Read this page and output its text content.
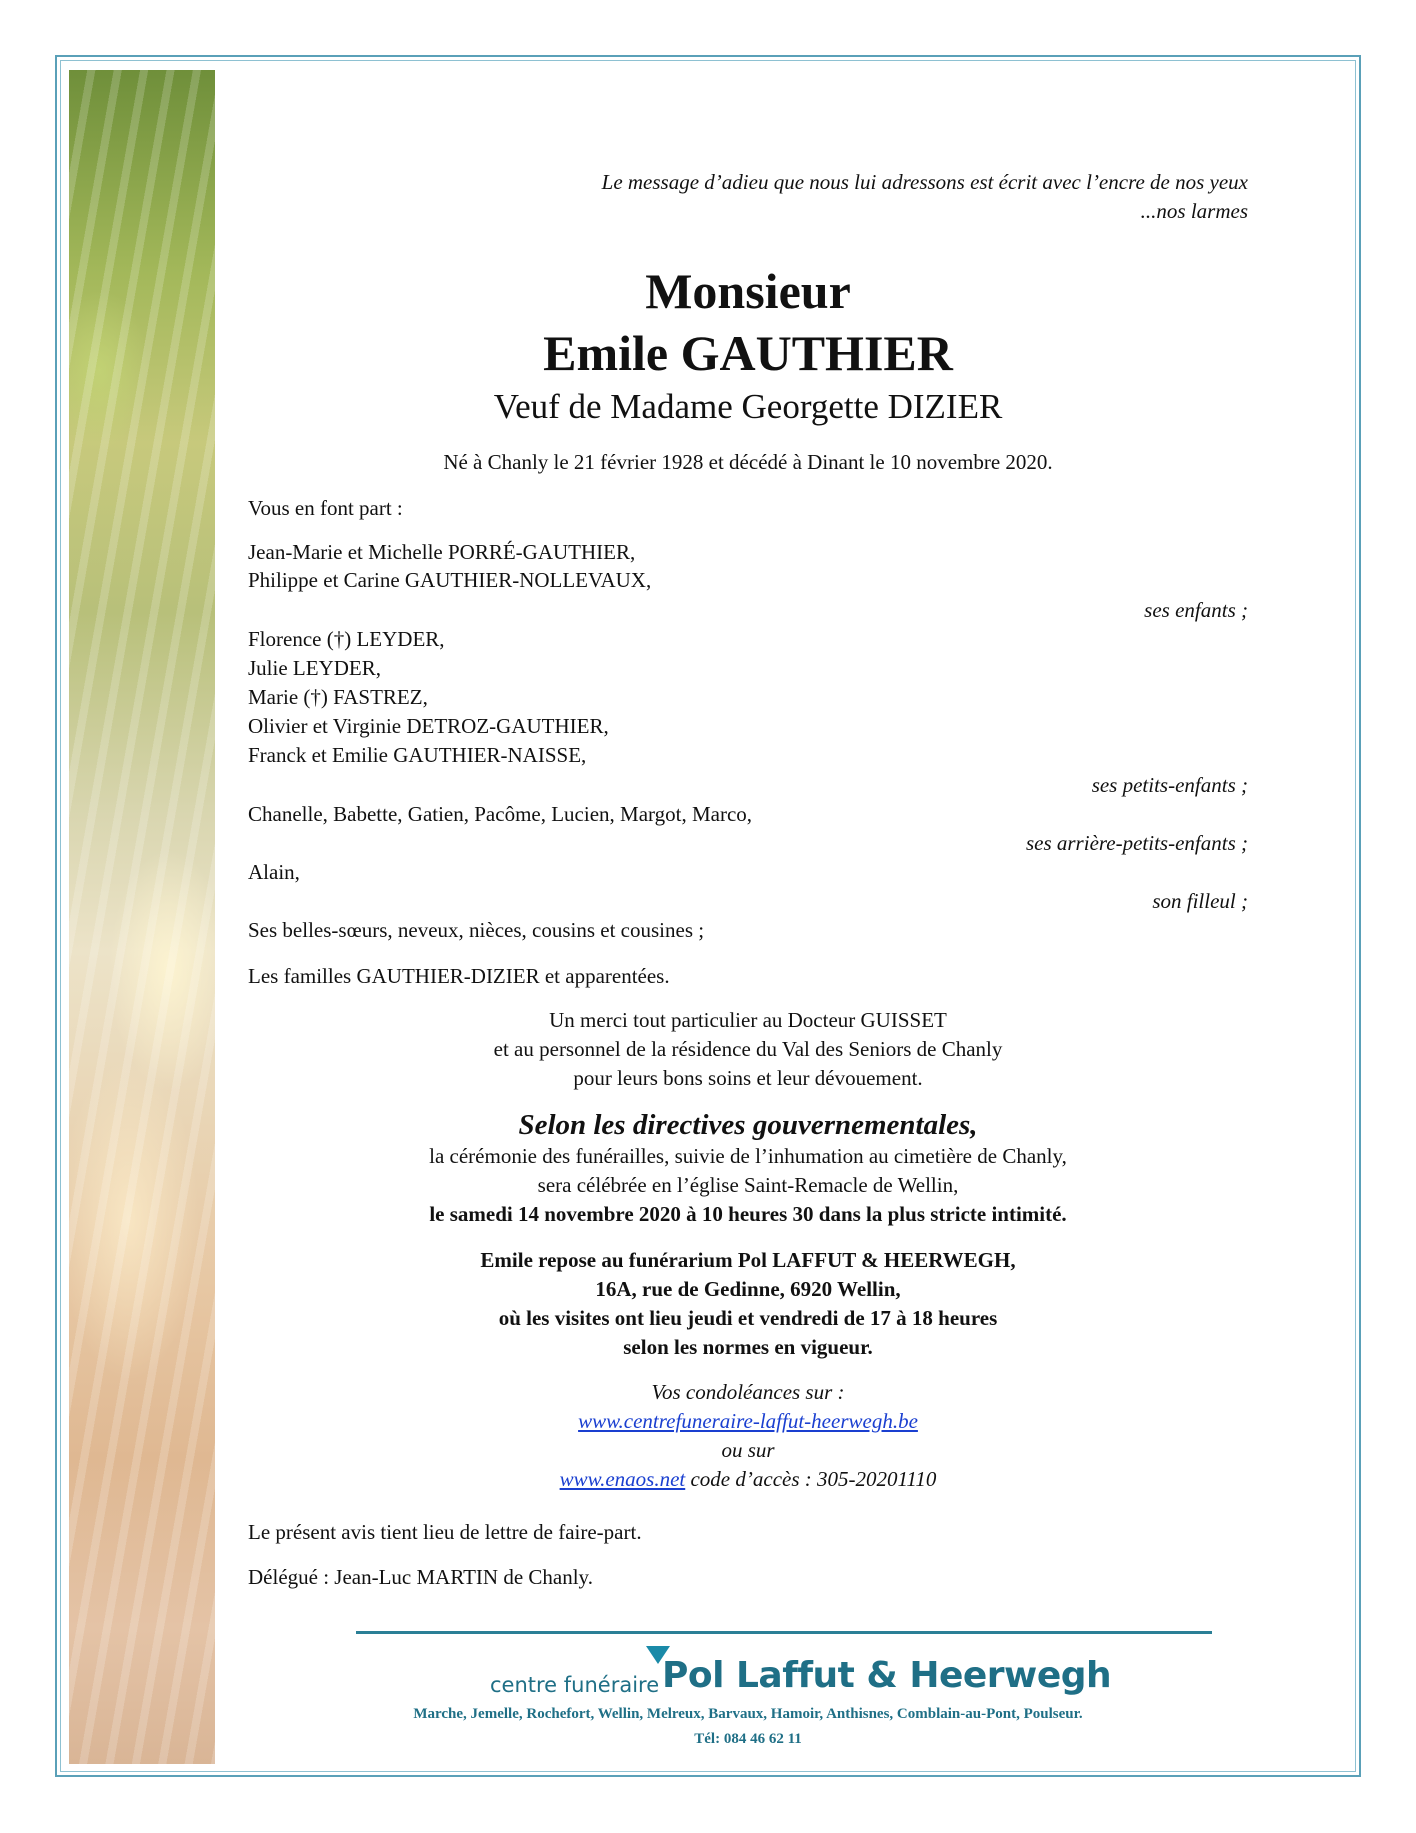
Le message d’adieu que nous lui adressons est écrit avec l’encre de nos yeux
...nos larmes
Monsieur
Emile GAUTHIER
Veuf de Madame Georgette DIZIER
Né à Chanly le 21 février 1928 et décédé à Dinant le 10 novembre 2020.
Vous en font part :
Jean-Marie et Michelle PORRÉ-GAUTHIER,
Philippe et Carine GAUTHIER-NOLLEVAUX,
ses enfants ;
Florence (†) LEYDER,
Julie LEYDER,
Marie (†) FASTREZ,
Olivier et Virginie DETROZ-GAUTHIER,
Franck et Emilie GAUTHIER-NAISSE,
ses petits-enfants ;
Chanelle, Babette, Gatien, Pacôme, Lucien, Margot, Marco,
ses arrière-petits-enfants ;
Alain,
son filleul ;
Ses belles-sœurs, neveux, nièces, cousins et cousines ;
Les familles GAUTHIER-DIZIER et apparentées.
Un merci tout particulier au Docteur GUISSET
et au personnel de la résidence du Val des Seniors de Chanly
pour leurs bons soins et leur dévouement.
Selon les directives gouvernementales,
la cérémonie des funérailles, suivie de l’inhumation au cimetière de Chanly,
sera célébrée en l’église Saint-Remacle de Wellin,
le samedi 14 novembre 2020 à 10 heures 30 dans la plus stricte intimité.
Emile repose au funérarium Pol LAFFUT & HEERWEGH,
16A, rue de Gedinne, 6920 Wellin,
où les visites ont lieu jeudi et vendredi de 17 à 18 heures
selon les normes en vigueur.
Vos condoléances sur :
www.centrefuneraire-laffut-heerwegh.be
ou sur
www.enaos.net code d’accès : 305-20201110
Le présent avis tient lieu de lettre de faire-part.
Délégué : Jean-Luc MARTIN de Chanly.
centre funéraire Pol Laffut & Heerwegh
Marche, Jemelle, Rochefort, Wellin, Melreux, Barvaux, Hamoir, Anthisnes, Comblain-au-Pont, Poulseur.
Tél: 084 46 62 11
